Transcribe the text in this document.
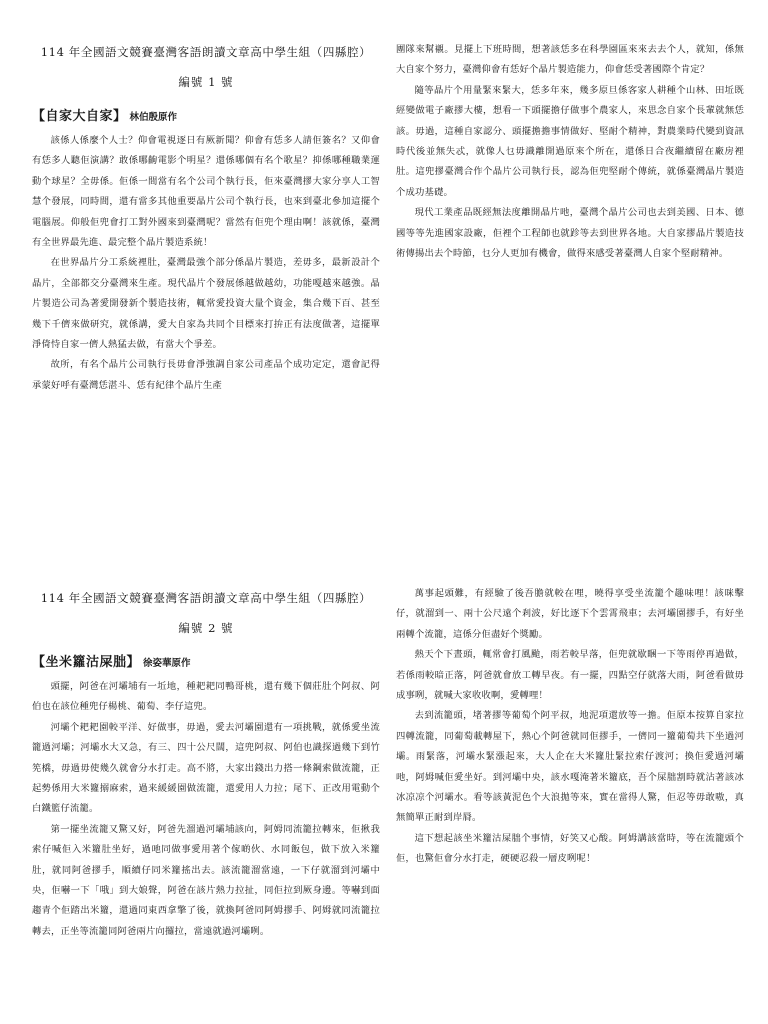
114 年全國語文競賽臺灣客語朗讀文章高中學生組（四縣腔）
編號 1 號
【自家大自家】 林伯殷原作

該係人係麼个人士？仰會電視逐日有厥新聞？仰會有恁多人請佢簽名？又仰會有恁多人聽佢演講？敢係哪齣電影个明星？還係哪個有名个歌星？抑係哪種職業運動个球星？全毋係。佢係一間當有名个公司个執行長，佢來臺灣摎大家分享人工智慧个發展，同時間，還有當多其他重要晶片公司个執行長，也來到臺北參加這擺个電腦展。仰般佢兜會打工對外國來到臺灣呢？當然有佢兜个理由啊！該就係，臺灣有全世界最先進、最完整个晶片製造系統！

在世界晶片分工系統裡肚，臺灣最強个部分係晶片製造，差毋多，最新設計个晶片，全部都交分臺灣來生產。現代晶片个發展係越做越幼，功能嘎越來越強。晶片製造公司為著愛開發新个製造技術，輒常愛投資大量个資金，集合幾下百、甚至幾下千儕來做研究，就係講，愛大自家為共同个目標來打拚正有法度做著，這擺單淨倚恃自家一儕人熱猛去做，有當大个爭差。

故所，有名个晶片公司執行長毋會淨強調自家公司產品个成功定定，還會記得承蒙好呼有臺灣恁湛斗、恁有紀律个晶片生產

團隊來幫襯。見擺上下班時間，想著該恁多在科學園區來來去去个人，就知，係無大自家个努力，臺灣仰會有恁好个晶片製造能力，仰會恁受著國際个肯定？

隨等晶片个用量緊來緊大，恁多年來，幾多原旦係客家人耕種个山林、田坵既經變做電子廠摎大樓，想看一下頭擺擔仔做事个農家人，來思念自家个長輩就無恁該。毋過，這種自家認分、頭擺擔擔事情做好、堅耐个精神，對農業時代變到資訊時代後並無失忒，就像人乜毋識離開過原來个所在，還係日合夜繼續留在廠房裡肚。這兜摎臺灣合作个晶片公司執行長，認為佢兜堅耐个傳統，就係臺灣晶片製造个成功基礎。

現代工業產品既經無法度離開晶片吔，臺灣个晶片公司也去到美國、日本、德國等等先進國家設廠，佢裡个工程師也就跈等去到世界各地。大自家摎晶片製造技術傳揚出去个時節，乜分人更加有機會，做得來感受著臺灣人自家个堅耐精神。

114 年全國語文競賽臺灣客語朗讀文章高中學生組（四縣腔）
編號 2 號
【坐米籮沽屎朏】 徐姿華原作

頭擺，阿爸在河壩埔有一坵地，種耙耙同鴨哥桃，還有幾下個莊肚个阿叔、阿伯也在該位種兜仔楊桃、葡萄、李仔這兜。

河壩个耙耙園較平洋、好做事，毋過，愛去河壩園還有一項挑戰，就係愛坐流籠過河壩；河壩水大又急，有三、四十公尺闊，這兜阿叔、阿伯也識探過幾下到竹筅橋，毋過毋使幾久就會分水打走。高不將，大家出錢出力搭一條鋼索做流籠，正起勢係用大米籮搦麻索，過来緩緩園做流籠，還愛用人力拉；尾下、正改用電動个白鐵籃仔流籠。

第一擺坐流籠又驚又好，阿爸先溜過河壩埔該向，阿姆同流籠拉轉來，佢揪我索仔喊佢入米籮肚坐好，過吔同做事愛用著个傢啲伙、水同飯包，做下放入米籮肚，就同阿爸摎手，順續仔同米籮搖出去。該流籠溜當遠，一下仔就溜到河壩中央，佢嚇一下「哦」到大娘聲，阿爸在該片熱力拉扯，同佢拉到厥身邊。等嚇到面趨青个佢踏出米籮，還過同東西拿擎了後，就換阿爸同阿姆摎手、阿姆就同流籠拉轉去，正坐等流籠同阿爸兩片向攞拉，當遠就過河壩咧。

萬事起頭難，有經驗了後吾膽就較在哩，曉得享受坐流籠个趣味哩！該咪擊仔，就溜到一、兩十公尺遠个剎波，好比逐下个雲霄飛車；去河壩園摎手，有好坐兩轉个流籠，這係分佢盡好个獎勵。

熱天个下晝頭，輒常會打風颱，雨若較早落，佢兜就歇睏一下等雨停再過做，若係雨較暗正落，阿爸就會放工轉早夜。有一擺，四點空仔就落大雨，阿爸看做毋成事咧，就喊大家收收啊，愛轉哩！

去到流籠頭，堵著摎等葡萄个阿平叔，地泥項還放等一擔。佢原本按算自家拉四轉流籠，同葡萄載轉屋下，熱心个阿爸就同佢摎手，一儕同一籮葡萄共下坐過河壩。雨緊落，河壩水緊漲起來，大人企在大米籮肚緊拉索仔渡河；換佢愛過河壩吔，阿姆喊佢愛坐好。到河壩中央，該水嘎淹著米籮底，吾个屎朏割時就沾著該冰冰凉凉个河壩水。看等該黃泥色个大浪拋等來，實在當得人驚，佢忍等毋敢嗷，真無簡單正耐到岸脣。

這下想起該坐米籮沽屎朏个事情，好笑又心酸。阿姆講該當時，等在流籠頭个佢，也驚佢會分水打走，硬硬忍殺一層皮咧呢！
